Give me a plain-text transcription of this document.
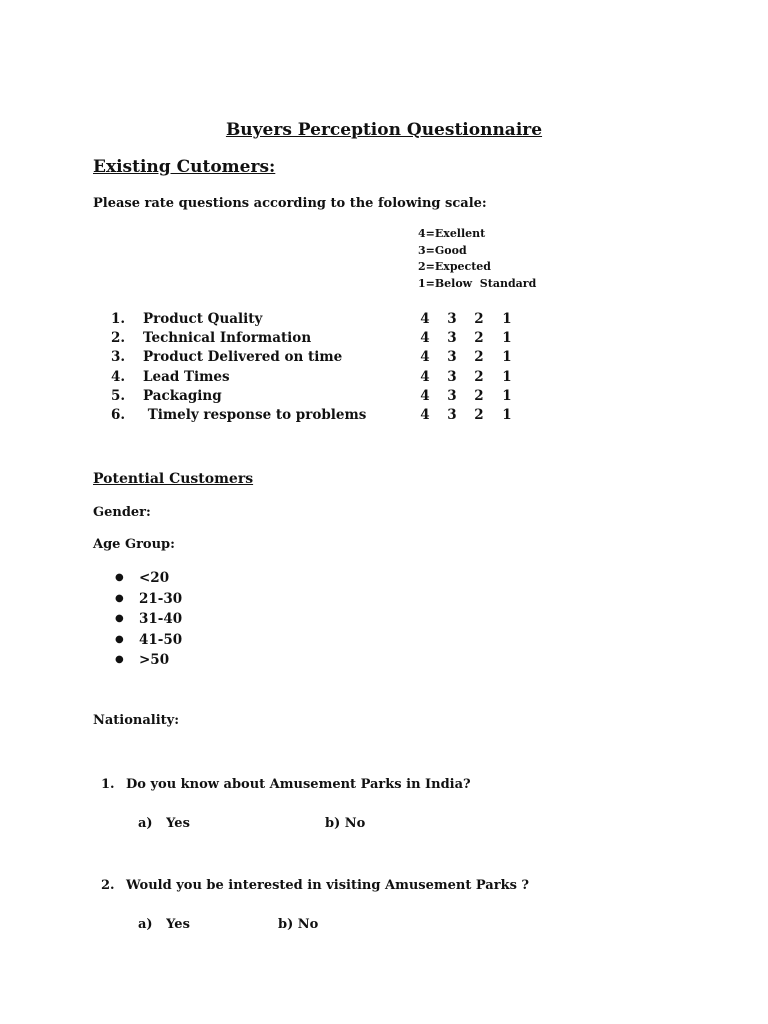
Buyers Perception Questionnaire
Existing Cutomers:
Please rate questions according to the folowing scale:
4=Exellent
3=Good
2=Expected
1=Below  Standard
1. Product Quality	4 3 2 1
2. Technical Information	4 3 2 1
3. Product Delivered on time	4 3 2 1
4. Lead Times	4 3 2 1
5. Packaging	4 3 2 1
6. Timely response to problems	4 3 2 1
Potential Customers
Gender:
Age Group:
● <20
● 21-30
● 31-40
● 41-50
● >50
Nationality:
1. Do you know about Amusement Parks in India?
a)   Yes	b) No
2. Would you be interested in visiting Amusement Parks ?
a)   Yes	b) No
